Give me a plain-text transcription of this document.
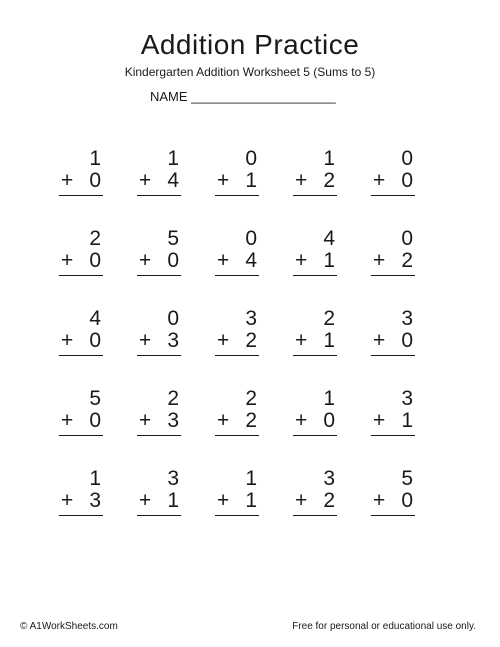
Addition Practice
Kindergarten Addition Worksheet 5 (Sums to 5)
NAME ____________________
1
+ 0
1
+ 4
0
+ 1
1
+ 2
0
+ 0
2
+ 0
5
+ 0
0
+ 4
4
+ 1
0
+ 2
4
+ 0
0
+ 3
3
+ 2
2
+ 1
3
+ 0
5
+ 0
2
+ 3
2
+ 2
1
+ 0
3
+ 1
1
+ 3
3
+ 1
1
+ 1
3
+ 2
5
+ 0
© A1WorkSheets.com	Free for personal or educational use only.
